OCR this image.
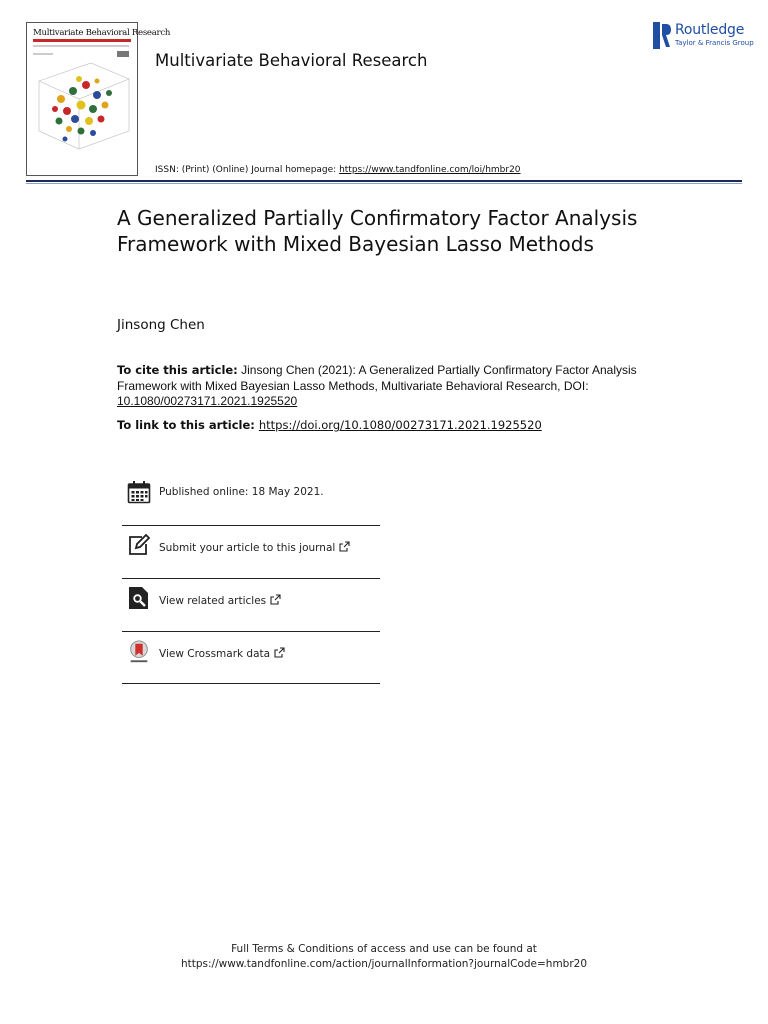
Multivariate Behavioral Research
Multivariate Behavioral Research
Routledge
Taylor & Francis Group
ISSN: (Print) (Online) Journal homepage: https://www.tandfonline.com/loi/hmbr20
A Generalized Partially Confirmatory Factor Analysis Framework with Mixed Bayesian Lasso Methods
Jinsong Chen
To cite this article: Jinsong Chen (2021): A Generalized Partially Confirmatory Factor Analysis Framework with Mixed Bayesian Lasso Methods, Multivariate Behavioral Research, DOI: 10.1080/00273171.2021.1925520
To link to this article: https://doi.org/10.1080/00273171.2021.1925520
Published online: 18 May 2021.
Submit your article to this journal
View related articles
View Crossmark data
Full Terms & Conditions of access and use can be found at
https://www.tandfonline.com/action/journalInformation?journalCode=hmbr20
